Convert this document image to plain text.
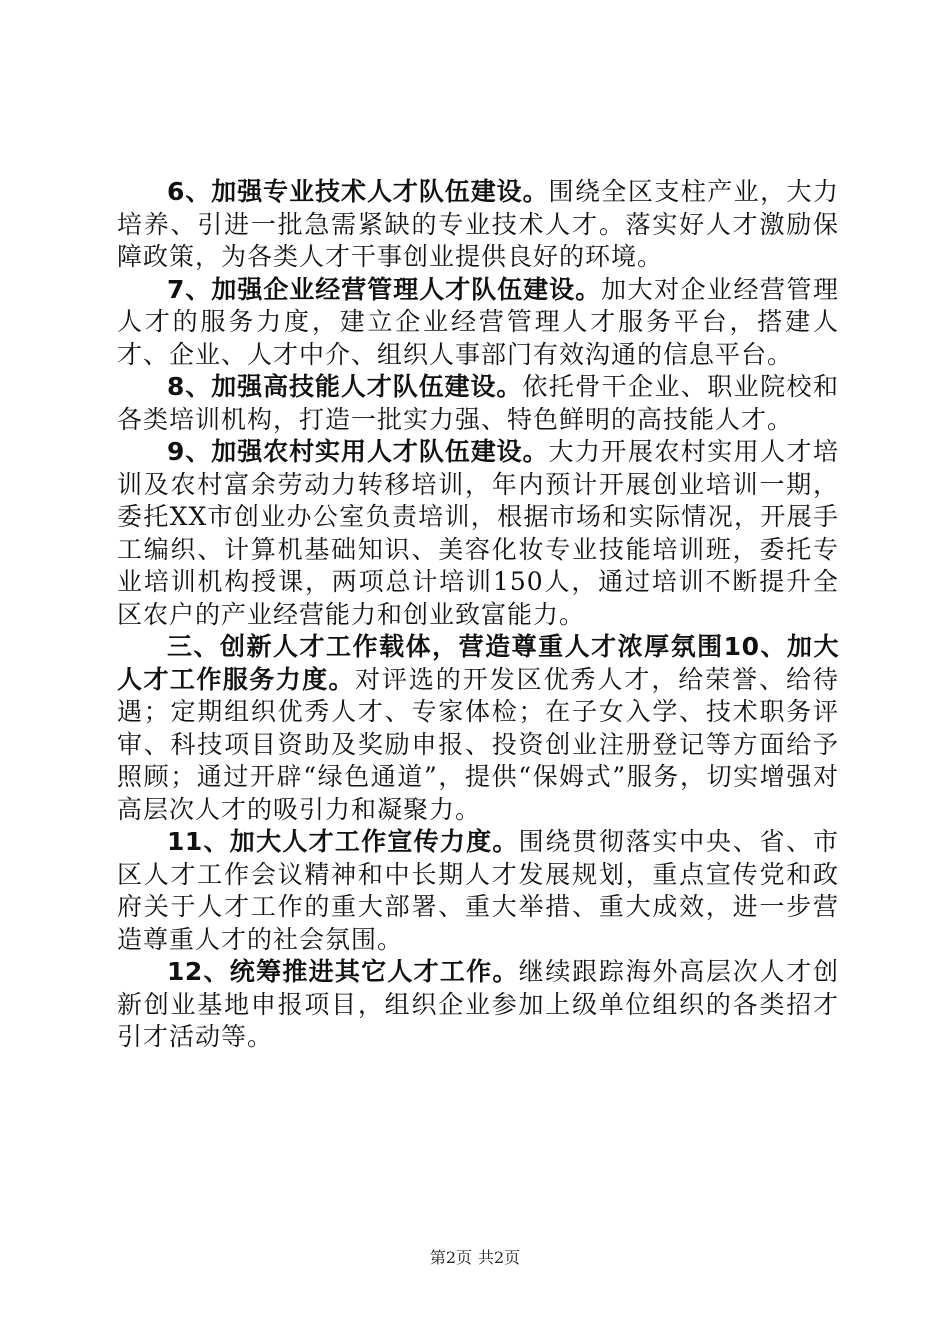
6、加强专业技术人才队伍建设。围绕全区支柱产业，大力培养、引进一批急需紧缺的专业技术人才。落实好人才激励保障政策，为各类人才干事创业提供良好的环境。

7、加强企业经营管理人才队伍建设。加大对企业经营管理人才的服务力度，建立企业经营管理人才服务平台，搭建人才、企业、人才中介、组织人事部门有效沟通的信息平台。

8、加强高技能人才队伍建设。依托骨干企业、职业院校和各类培训机构，打造一批实力强、特色鲜明的高技能人才。

9、加强农村实用人才队伍建设。大力开展农村实用人才培训及农村富余劳动力转移培训，年内预计开展创业培训一期，委托XX市创业办公室负责培训，根据市场和实际情况，开展手工编织、计算机基础知识、美容化妆专业技能培训班，委托专业培训机构授课，两项总计培训150人，通过培训不断提升全区农户的产业经营能力和创业致富能力。

三、创新人才工作载体，营造尊重人才浓厚氛围10、加大人才工作服务力度。对评选的开发区优秀人才，给荣誉、给待遇；定期组织优秀人才、专家体检；在子女入学、技术职务评审、科技项目资助及奖励申报、投资创业注册登记等方面给予照顾；通过开辟“绿色通道”，提供“保姆式”服务，切实增强对高层次人才的吸引力和凝聚力。

11、加大人才工作宣传力度。围绕贯彻落实中央、省、市区人才工作会议精神和中长期人才发展规划，重点宣传党和政府关于人才工作的重大部署、重大举措、重大成效，进一步营造尊重人才的社会氛围。

12、统筹推进其它人才工作。继续跟踪海外高层次人才创新创业基地申报项目，组织企业参加上级单位组织的各类招才引才活动等。

第2页 共2页
